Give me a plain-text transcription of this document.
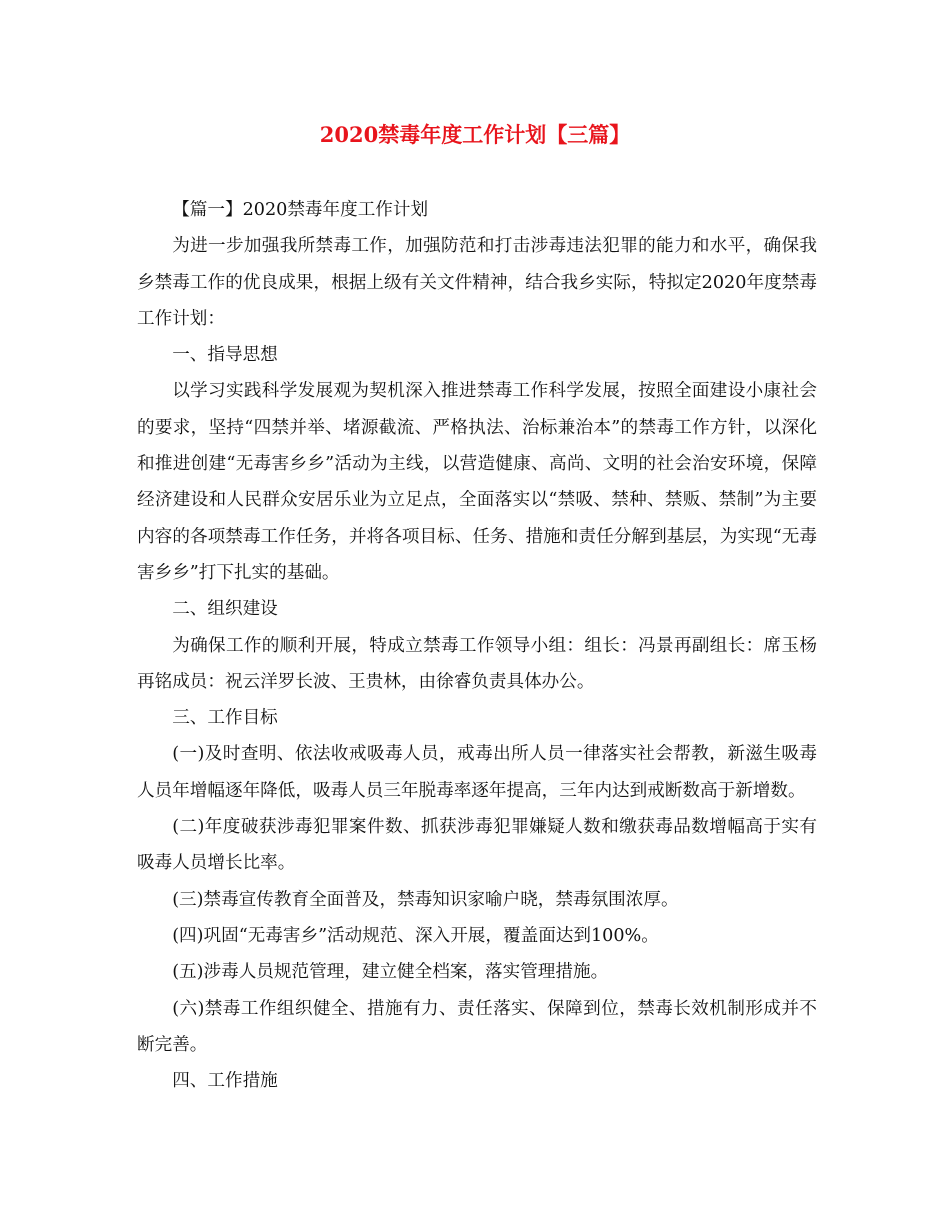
2020禁毒年度工作计划【三篇】

【篇一】2020禁毒年度工作计划

为进一步加强我所禁毒工作，加强防范和打击涉毒违法犯罪的能力和水平，确保我乡禁毒工作的优良成果，根据上级有关文件精神，结合我乡实际，特拟定2020年度禁毒工作计划：

一、指导思想

以学习实践科学发展观为契机深入推进禁毒工作科学发展，按照全面建设小康社会的要求，坚持“四禁并举、堵源截流、严格执法、治标兼治本”的禁毒工作方针，以深化和推进创建“无毒害乡乡”活动为主线，以营造健康、高尚、文明的社会治安环境，保障经济建设和人民群众安居乐业为立足点，全面落实以“禁吸、禁种、禁贩、禁制”为主要内容的各项禁毒工作任务，并将各项目标、任务、措施和责任分解到基层，为实现“无毒害乡乡”打下扎实的基础。

二、组织建设

为确保工作的顺利开展，特成立禁毒工作领导小组：组长：冯景再副组长：席玉杨再铭成员：祝云洋罗长波、王贵林，由徐睿负责具体办公。

三、工作目标

(一)及时查明、依法收戒吸毒人员，戒毒出所人员一律落实社会帮教，新滋生吸毒人员年增幅逐年降低，吸毒人员三年脱毒率逐年提高，三年内达到戒断数高于新增数。

(二)年度破获涉毒犯罪案件数、抓获涉毒犯罪嫌疑人数和缴获毒品数增幅高于实有吸毒人员增长比率。

(三)禁毒宣传教育全面普及，禁毒知识家喻户晓，禁毒氛围浓厚。

(四)巩固“无毒害乡”活动规范、深入开展，覆盖面达到100%。

(五)涉毒人员规范管理，建立健全档案，落实管理措施。

(六)禁毒工作组织健全、措施有力、责任落实、保障到位，禁毒长效机制形成并不断完善。

四、工作措施
